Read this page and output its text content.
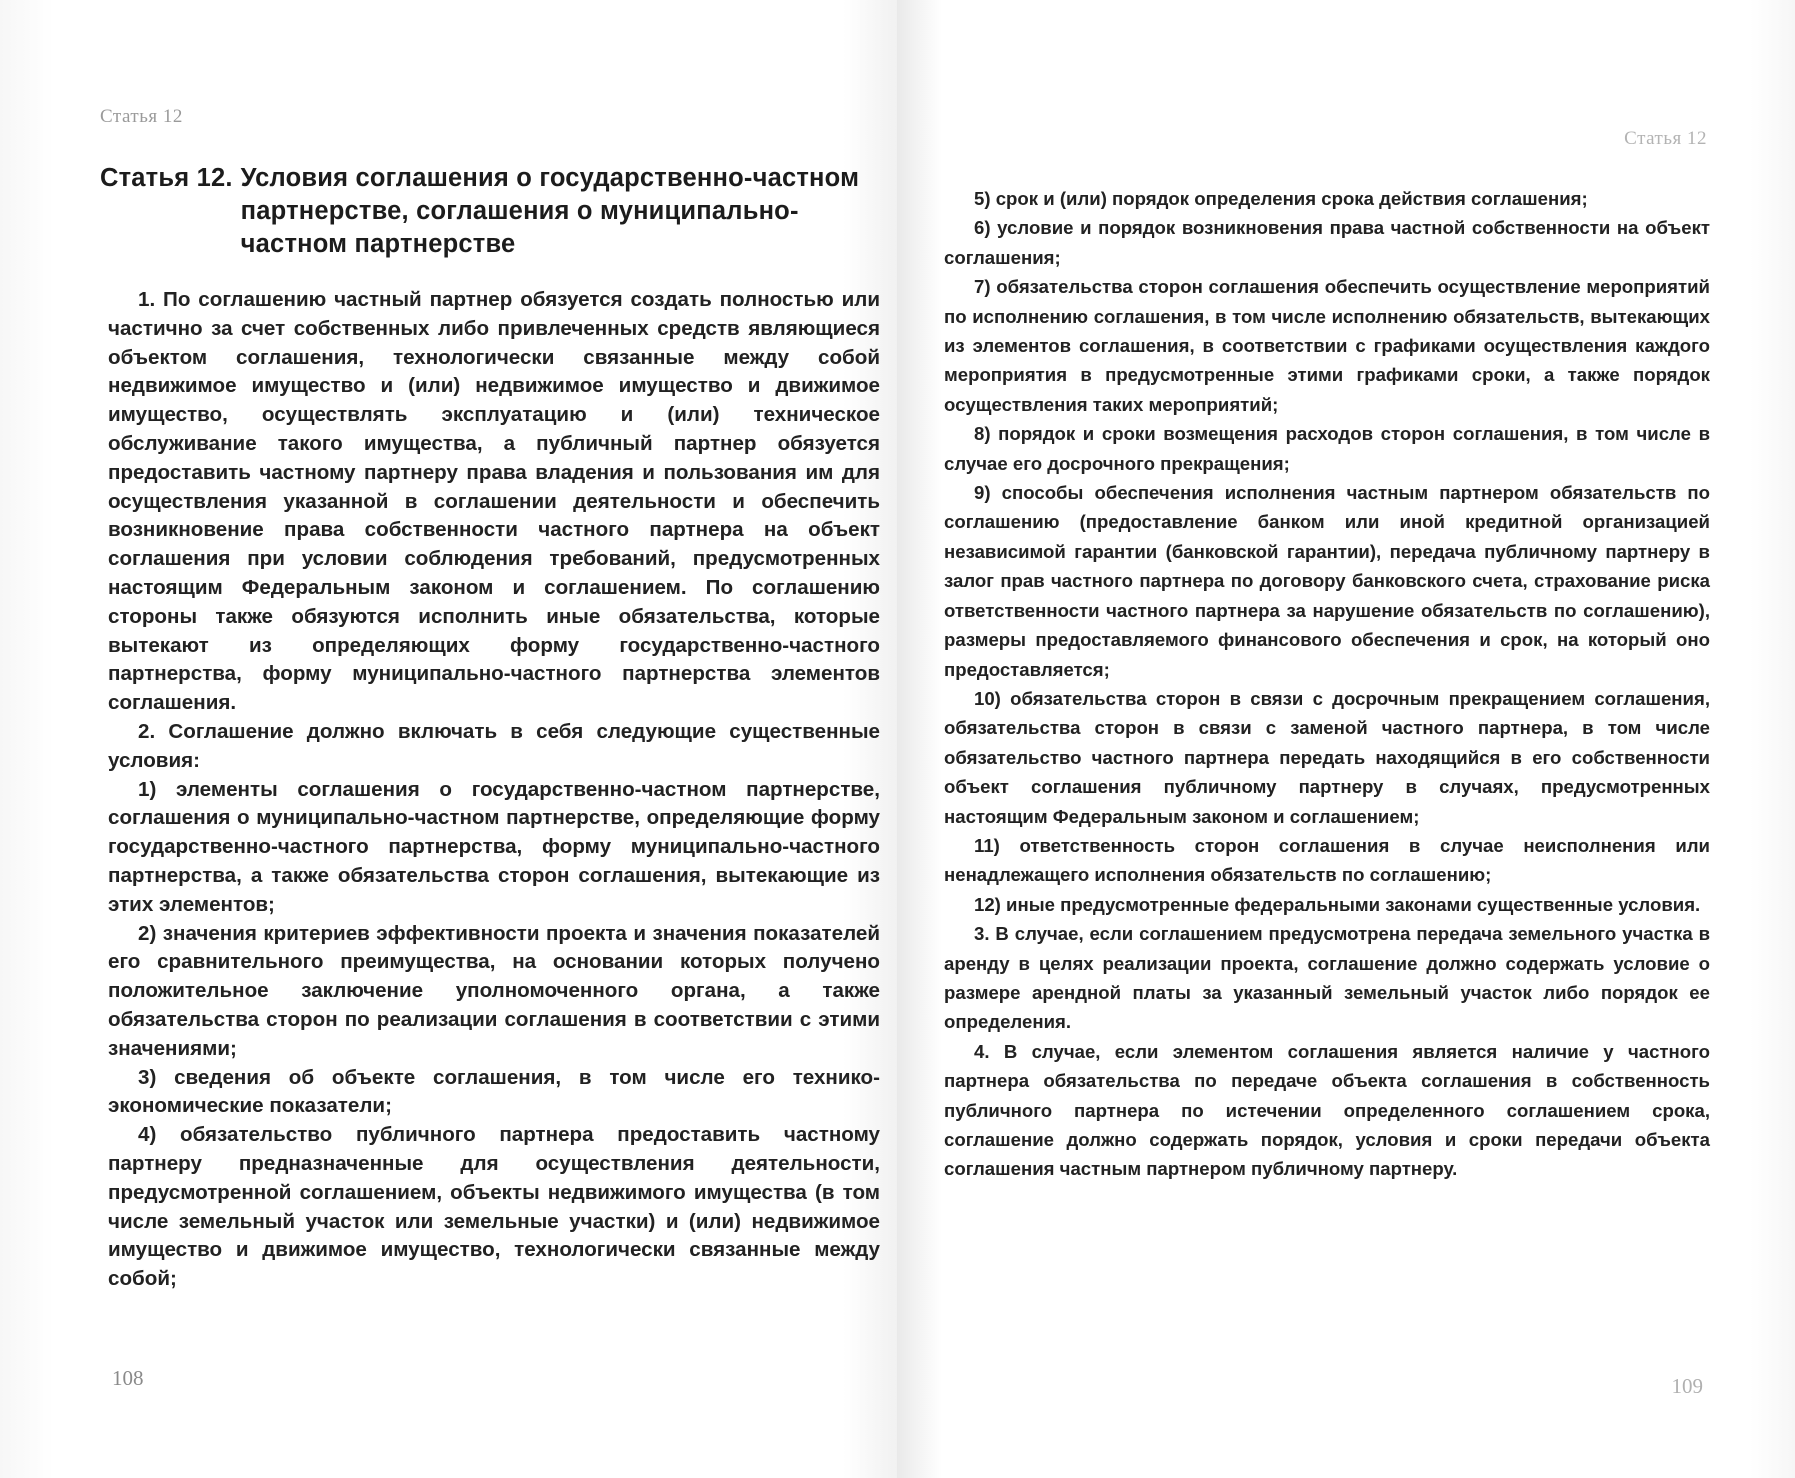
Статья 12
Статья 12. Условия соглашения о государственно-частном партнерстве, соглашения о муниципально-частном партнерстве

1. По соглашению частный партнер обязуется создать полностью или частично за счет собственных либо привлеченных средств являющиеся объектом соглашения, технологически связанные между собой недвижимое имущество и (или) недвижимое имущество и движимое имущество, осуществлять эксплуатацию и (или) техническое обслуживание такого имущества, а публичный партнер обязуется предоставить частному партнеру права владения и пользования им для осуществления указанной в соглашении деятельности и обеспечить возникновение права собственности частного партнера на объект соглашения при условии соблюдения требований, предусмотренных настоящим Федеральным законом и соглашением. По соглашению стороны также обязуются исполнить иные обязательства, которые вытекают из определяющих форму государственно-частного партнерства, форму муниципально-частного партнерства элементов соглашения.

2. Соглашение должно включать в себя следующие существенные условия:

1) элементы соглашения о государственно-частном партнерстве, соглашения о муниципально-частном партнерстве, определяющие форму государственно-частного партнерства, форму муниципально-частного партнерства, а также обязательства сторон соглашения, вытекающие из этих элементов;

2) значения критериев эффективности проекта и значения показателей его сравнительного преимущества, на основании которых получено положительное заключение уполномоченного органа, а также обязательства сторон по реализации соглашения в соответствии с этими значениями;

3) сведения об объекте соглашения, в том числе его технико-экономические показатели;

4) обязательство публичного партнера предоставить частному партнеру предназначенные для осуществления деятельности, предусмотренной соглашением, объекты недвижимого имущества (в том числе земельный участок или земельные участки) и (или) недвижимое имущество и движимое имущество, технологически связанные между собой;

108
Статья 12

5) срок и (или) порядок определения срока действия соглашения;

6) условие и порядок возникновения права частной собственности на объект соглашения;

7) обязательства сторон соглашения обеспечить осуществление мероприятий по исполнению соглашения, в том числе исполнению обязательств, вытекающих из элементов соглашения, в соответствии с графиками осуществления каждого мероприятия в предусмотренные этими графиками сроки, а также порядок осуществления таких мероприятий;

8) порядок и сроки возмещения расходов сторон соглашения, в том числе в случае его досрочного прекращения;

9) способы обеспечения исполнения частным партнером обязательств по соглашению (предоставление банком или иной кредитной организацией независимой гарантии (банковской гарантии), передача публичному партнеру в залог прав частного партнера по договору банковского счета, страхование риска ответственности частного партнера за нарушение обязательств по соглашению), размеры предоставляемого финансового обеспечения и срок, на который оно предоставляется;

10) обязательства сторон в связи с досрочным прекращением соглашения, обязательства сторон в связи с заменой частного партнера, в том числе обязательство частного партнера передать находящийся в его собственности объект соглашения публичному партнеру в случаях, предусмотренных настоящим Федеральным законом и соглашением;

11) ответственность сторон соглашения в случае неисполнения или ненадлежащего исполнения обязательств по соглашению;

12) иные предусмотренные федеральными законами существенные условия.

3. В случае, если соглашением предусмотрена передача земельного участка в аренду в целях реализации проекта, соглашение должно содержать условие о размере арендной платы за указанный земельный участок либо порядок ее определения.

4. В случае, если элементом соглашения является наличие у частного партнера обязательства по передаче объекта соглашения в собственность публичного партнера по истечении определенного соглашением срока, соглашение должно содержать порядок, условия и сроки передачи объекта соглашения частным партнером публичному партнеру.

109
